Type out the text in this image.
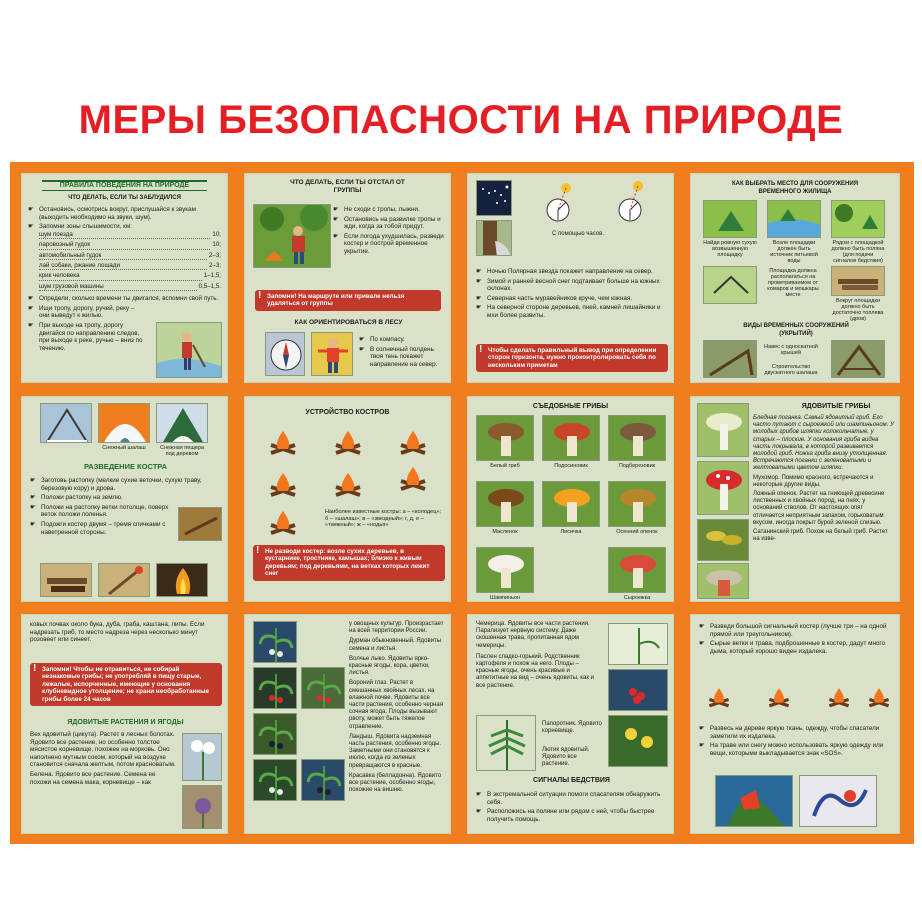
МЕРЫ БЕЗОПАСНОСТИ НА ПРИРОДЕ
ПРАВИЛА ПОВЕДЕНИЯ НА ПРИРОДЕ
ЧТО ДЕЛАТЬ, ЕСЛИ ТЫ ЗАБЛУДИЛСЯ
☛ Остановись, осмотрись вокруг, прислушайся к звукам (выходить необходимо на звуки, шум).
☛ Запомни зоны слышимости, км:
шум поезда	10;
паровозный гудок	10;
автомобильный гудок	2–3;
лай собаки, ржание лошади	2–3;
крик человека	1–1,5;
шум грузовой машины	0,5–1,5.
☛ Определи, сколько времени ты двигался, вспомни свой путь.
☛ Ищи тропу, дорогу, ручей, реку – они выведут к жилью.
☛ При выходе на тропу, дорогу двигайся по направлению следов, при выходе к реке, ручью – вниз по течению.
ЧТО ДЕЛАТЬ, ЕСЛИ ТЫ ОТСТАЛ ОТ ГРУППЫ
☛ Не сходи с тропы, лыжни.
☛ Остановись на развилке тропы и жди, когда за тобой придут.
☛ Если погода ухудшилась, разведи костер и построй временное укрытие.
! Запомни! На маршруте или привале нельзя удаляться от группы
КАК ОРИЕНТИРОВАТЬСЯ В ЛЕСУ
☛ По компасу.
☛ В солнечный полдень твоя тень покажет направление на север.
С помощью часов.
☛ Ночью Полярная звезда покажет направление на север.
☛ Зимой и ранней весной снег подтаивает больше на южных склонах.
☛ Северная часть муравейников круче, чем южная.
☛ На северной стороне деревьев, пней, камней лишайники и мхи более развиты.
! Чтобы сделать правильный вывод при определении сторон горизонта, нужно проконтролировать себя по нескольким приметам
КАК ВЫБРАТЬ МЕСТО ДЛЯ СООРУЖЕНИЯ ВРЕМЕННОГО ЖИЛИЩА
Найди ровную сухую возвышенную площадку
Возле площадки должен быть источник питьевой воды
Рядом с площадкой должно быть поляна (для подачи сигналов бедствия)
Площадка должна располагаться на проветриваемом от комаров и мошкары месте
Вокруг площадки должно быть достаточно топлива (дров)
ВИДЫ ВРЕМЕННЫХ СООРУЖЕНИЙ (УКРЫТИЙ)
Навес с односкатной крышей
Строительство двускатного шалаша
Снежный шалаш	Снежная пещера под деревом
РАЗВЕДЕНИЕ КОСТРА
☛ Заготовь растопку (мелкие сухие веточки, сухую траву, березовую кору) и дрова.
☛ Положи растопку на землю.
☛ Положи на растопку ветки потолще, поверх веток положи поленья.
☛ Подожги костер двумя – тремя спичками с наветренной стороны.
УСТРОЙСТВО КОСТРОВ
Наиболее известные костры: а – «колодец»; б – «шалаш»; в – «звездный»; г, д, е – «таежный»; ж – «нодья»
! Не разводи костер: возле сухих деревьев, в кустарнике, тростнике, камышах; близко к живым деревьям; под деревьями, на ветках которых лежит снег
СЪЕДОБНЫЕ ГРИБЫ
Белый гриб	Подосиновик	Подберезовик
Масленок	Лисичка	Осенний опенок
Шампиньон	Сыроежка
ЯДОВИТЫЕ ГРИБЫ
Бледная поганка. Самый ядовитый гриб. Его часто путают с сыроежкой или шампиньоном. У молодых грибов шляпки колокольчатые, у старых – плоские. У основания гриба видна часть покрывала, в которой развивается молодой гриб. Ножка гриба внизу утолщенная. Встречаются поганки с зеленоватыми и желтоватыми цветом шляпки.
Мухомор. Помимо красного, встречаются и некоторые другие виды.
Ложный опенок. Растет на гниющей древесине лиственных и хвойных пород, на пнях, у оснований стволов. От настоящих опят отличается неприятным запахом, горьковатым вкусом, иногда покрыт бурой зеленой слизью.
Сатанинский гриб. Похож на белый гриб. Растет на изве-
ковых почвах около бука, дуба, граба, каштана, липы. Если надрезать гриб, то место надреза через несколько минут розовеет или синеет.
! Запомни! Чтобы не отравиться, не собирай незнакомые грибы; не употребляй в пищу старые, лежалые, испорченные, имеющие у основания клубневидное утолщение; не храни необработанные грибы более 24 часов
ЯДОВИТЫЕ РАСТЕНИЯ И ЯГОДЫ
Вех ядовитый (цикута). Растет в лесных болотах. Ядовито все растение, но особенно толстое мясистое корневище, похожее на морковь. Оно наполнено мутным соком, который на воздухе становится сначала желтым, потом красноватым.
Белена. Ядовито все растение. Семена ее похожи на семена мака, корневище – как
у овощных культур. Произрастает на всей территории России.
Дурман обыкновенный. Ядовиты семена и листья.
Волчье лыко. Ядовиты ярко-красные ягоды, кора, цветки, листья.
Вороний глаз. Растет в смешанных хвойных лесах, на влажной почве. Ядовиты все части растения, особенно черная сочная ягода. Плоды вызывают рвоту, может быть тяжелое отравление.
Ландыш. Ядовита надземная часть растения, особенно ягоды. Заметными они становятся к июлю, когда из зеленых превращаются в красные.
Красавка (белладонна). Ядовито все растение, особенно ягоды, похожие на вишню.
Чемерица. Ядовиты все части растения. Парализует нервную систему. Даже скошенная трава, пропитанная ядом чемерицы.
Паслен сладко-горький. Родственник картофеля и похож на него. Плоды – красные ягоды, очень красивые и аппетитные на вид – очень ядовиты, как и все растение.
Папоротник. Ядовито корневище.
Лютик ядовитый. Ядовито все растение.
СИГНАЛЫ БЕДСТВИЯ
☛ В экстремальной ситуации помоги спасателям обнаружить себя.
☛ Расположись на поляне или рядом с ней, чтобы быстрее получить помощь.
☛ Разведи большой сигнальный костер (лучше три – на одной прямой или треугольником).
☛ Сырые ветки и трава, подброшенные в костер, дадут много дыма, который хорошо виден издалека.
☛ Развесь на дереве яркую ткань, одежду, чтобы спасатели заметили их издалека.
☛ На траве или снегу можно использовать яркую одежду или вещи, которыми выкладывается знак «SOS».
